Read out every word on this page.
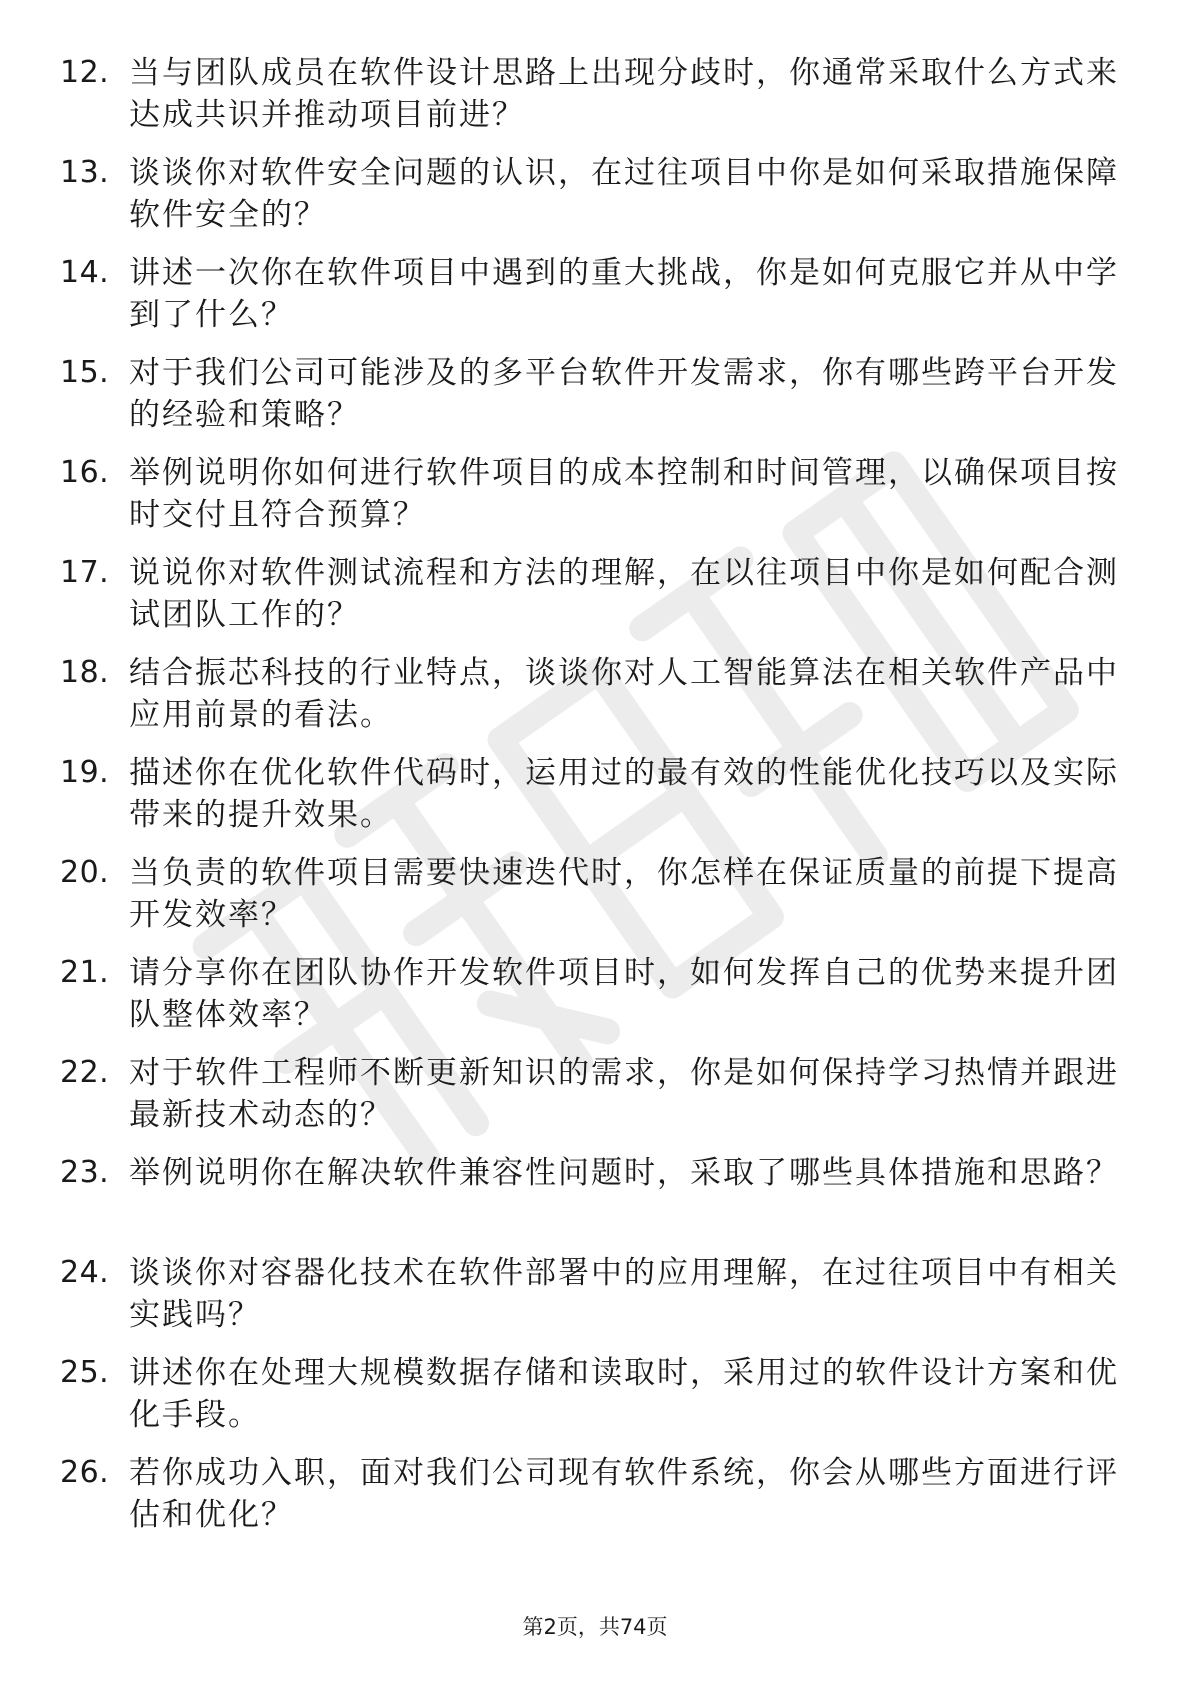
12. 当与团队成员在软件设计思路上出现分歧时，你通常采取什么方式来达成共识并推动项目前进？
13. 谈谈你对软件安全问题的认识，在过往项目中你是如何采取措施保障软件安全的？
14. 讲述一次你在软件项目中遇到的重大挑战，你是如何克服它并从中学到了什么？
15. 对于我们公司可能涉及的多平台软件开发需求，你有哪些跨平台开发的经验和策略？
16. 举例说明你如何进行软件项目的成本控制和时间管理，以确保项目按时交付且符合预算？
17. 说说你对软件测试流程和方法的理解，在以往项目中你是如何配合测试团队工作的？
18. 结合振芯科技的行业特点，谈谈你对人工智能算法在相关软件产品中应用前景的看法。
19. 描述你在优化软件代码时，运用过的最有效的性能优化技巧以及实际带来的提升效果。
20. 当负责的软件项目需要快速迭代时，你怎样在保证质量的前提下提高开发效率？
21. 请分享你在团队协作开发软件项目时，如何发挥自己的优势来提升团队整体效率？
22. 对于软件工程师不断更新知识的需求，你是如何保持学习热情并跟进最新技术动态的？
23. 举例说明你在解决软件兼容性问题时，采取了哪些具体措施和思路？
24. 谈谈你对容器化技术在软件部署中的应用理解，在过往项目中有相关实践吗？
25. 讲述你在处理大规模数据存储和读取时，采用过的软件设计方案和优化手段。
26. 若你成功入职，面对我们公司现有软件系统，你会从哪些方面进行评估和优化？
第2页，共74页
